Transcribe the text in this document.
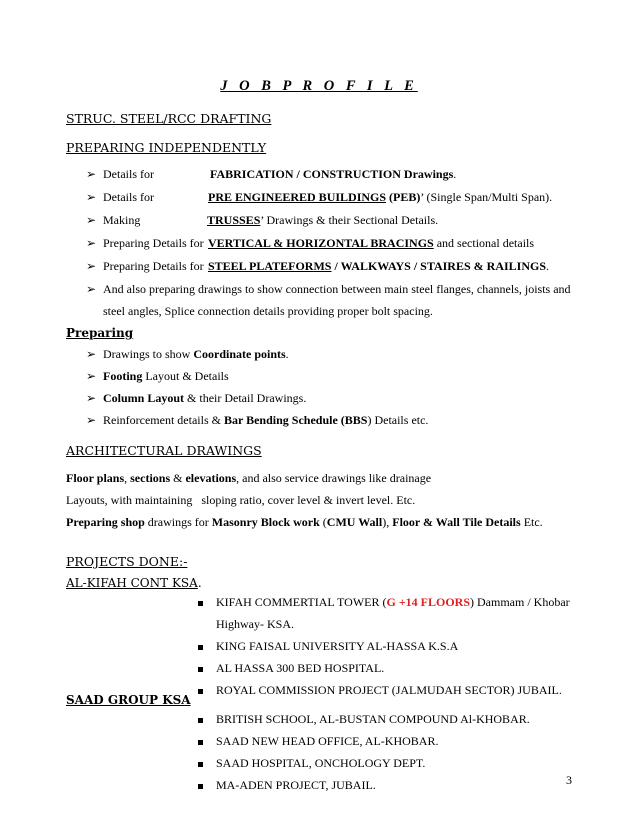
J O B P R O F I L E
STRUC. STEEL/RCC DRAFTING
PREPARING INDEPENDENTLY
➢ Details for	FABRICATION / CONSTRUCTION Drawings.
➢ Details for	PRE ENGINEERED BUILDINGS (PEB)’ (Single Span/Multi Span).
➢ Making	TRUSSES’ Drawings & their Sectional Details.
➢ Preparing Details for VERTICAL & HORIZONTAL BRACINGS and sectional details
➢ Preparing Details for STEEL PLATEFORMS / WALKWAYS / STAIRES & RAILINGS.
➢ And also preparing drawings to show connection between main steel flanges, channels, joists and
steel angles, Splice connection details providing proper bolt spacing.
Preparing
➢ Drawings to show Coordinate points.
➢ Footing Layout & Details
➢ Column Layout & their Detail Drawings.
➢ Reinforcement details & Bar Bending Schedule (BBS) Details etc.
ARCHITECTURAL DRAWINGS
Floor plans, sections & elevations, and also service drawings like drainage
Layouts, with maintaining   sloping ratio, cover level & invert level. Etc.
Preparing shop drawings for Masonry Block work (CMU Wall), Floor & Wall Tile Details Etc.
PROJECTS DONE:-
AL-KIFAH CONT KSA.
KIFAH COMMERTIAL TOWER (G +14 FLOORS) Dammam / Khobar
Highway- KSA.
KING FAISAL UNIVERSITY AL-HASSA K.S.A
AL HASSA 300 BED HOSPITAL.
ROYAL COMMISSION PROJECT (JALMUDAH SECTOR) JUBAIL.
SAAD GROUP KSA
BRITISH SCHOOL, AL-BUSTAN COMPOUND Al-KHOBAR.
SAAD NEW HEAD OFFICE, AL-KHOBAR.
SAAD HOSPITAL, ONCHOLOGY DEPT.
MA-ADEN PROJECT, JUBAIL.	3
